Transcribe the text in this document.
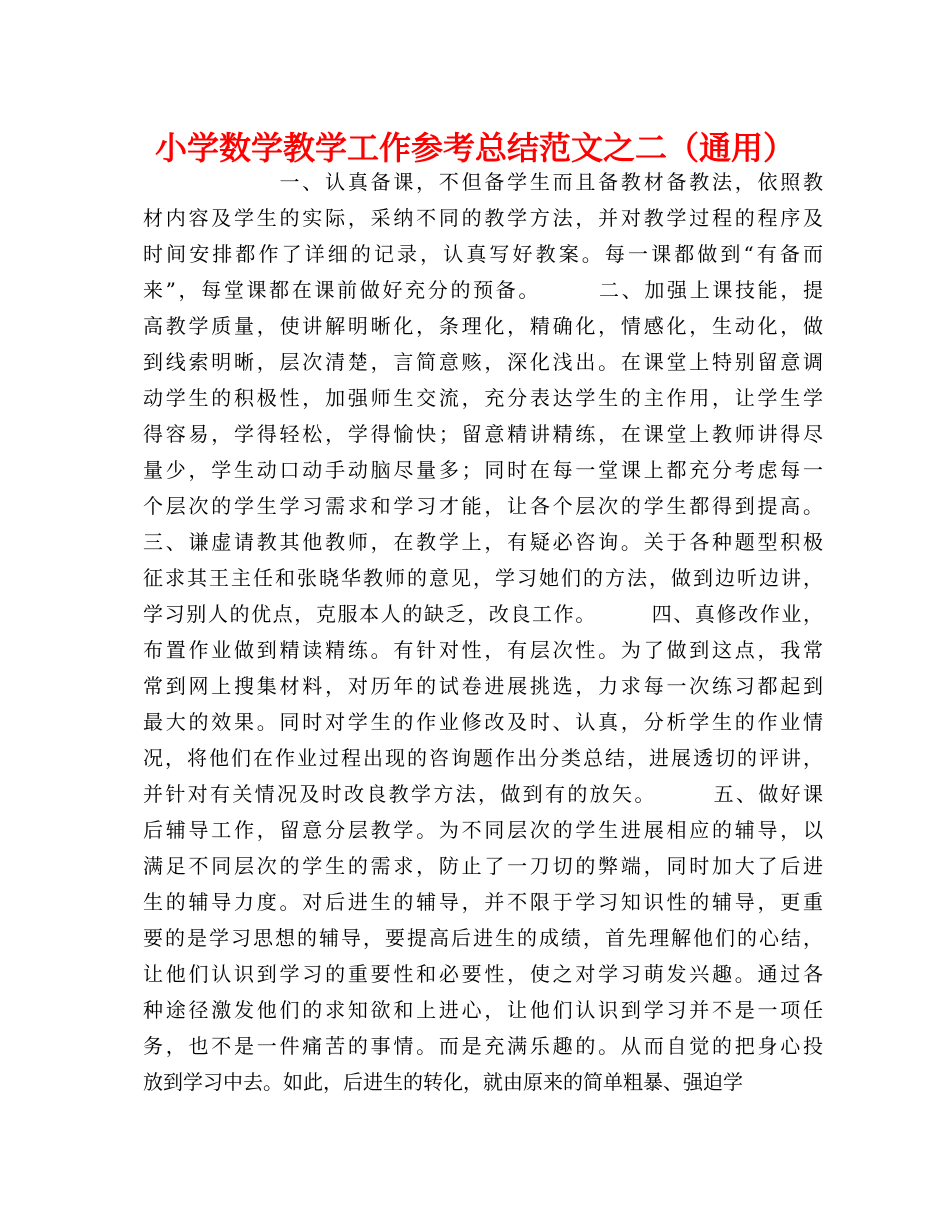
小学数学教学工作参考总结范文之二（通用）
　　　　　　一、认真备课，不但备学生而且备教材备教法，依照教
材内容及学生的实际，采纳不同的教学方法，并对教学过程的程序及
时间安排都作了详细的记录，认真写好教案。每一课都做到“有备而
来”，每堂课都在课前做好充分的预备。　　　二、加强上课技能，提
高教学质量，使讲解明晰化，条理化，精确化，情感化，生动化，做
到线索明晰，层次清楚，言简意赅，深化浅出。在课堂上特别留意调
动学生的积极性，加强师生交流，充分表达学生的主作用，让学生学
得容易，学得轻松，学得愉快；留意精讲精练，在课堂上教师讲得尽
量少，学生动口动手动脑尽量多；同时在每一堂课上都充分考虑每一
个层次的学生学习需求和学习才能，让各个层次的学生都得到提高。
三、谦虚请教其他教师，在教学上，有疑必咨询。关于各种题型积极
征求其王主任和张晓华教师的意见，学习她们的方法，做到边听边讲，
学习别人的优点，克服本人的缺乏，改良工作。　　　四、真修改作业，
布置作业做到精读精练。有针对性，有层次性。为了做到这点，我常
常到网上搜集材料，对历年的试卷进展挑选，力求每一次练习都起到
最大的效果。同时对学生的作业修改及时、认真，分析学生的作业情
况，将他们在作业过程出现的咨询题作出分类总结，进展透切的评讲，
并针对有关情况及时改良教学方法，做到有的放矢。　　　五、做好课
后辅导工作，留意分层教学。为不同层次的学生进展相应的辅导，以
满足不同层次的学生的需求，防止了一刀切的弊端，同时加大了后进
生的辅导力度。对后进生的辅导，并不限于学习知识性的辅导，更重
要的是学习思想的辅导，要提高后进生的成绩，首先理解他们的心结，
让他们认识到学习的重要性和必要性，使之对学习萌发兴趣。通过各
种途径激发他们的求知欲和上进心，让他们认识到学习并不是一项任
务，也不是一件痛苦的事情。而是充满乐趣的。从而自觉的把身心投
放到学习中去。如此，后进生的转化，就由原来的简单粗暴、强迫学
